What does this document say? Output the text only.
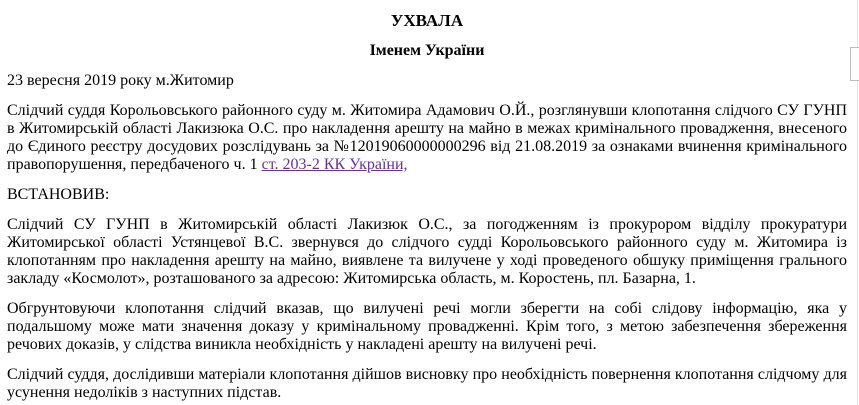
УХВАЛА

Іменем України

23 вересня 2019 року м.Житомир

Слідчий суддя Корольовського районного суду м. Житомира Адамович О.Й., розглянувши клопотання слідчого СУ ГУНП в Житомирській області Лакизюка О.С. про накладення арешту на майно в межах кримінального провадження, внесеного до Єдиного реєстру досудових розслідувань за №12019060000000296 від 21.08.2019 за ознаками вчинення кримінального правопорушення, передбаченого ч. 1 ст. 203-2 КК України,

ВСТАНОВИВ:

Слідчий СУ ГУНП в Житомирській області Лакизюк О.С., за погодженням із прокурором відділу прокуратури Житомирської області Устянцевої В.С. звернувся до слідчого судді Корольовського районного суду м. Житомира із клопотанням про накладення арешту на майно, виявлене та вилучене у ході проведеного обшуку приміщення грального закладу «Космолот», розташованого за адресою: Житомирська область, м. Коростень, пл. Базарна, 1.

Обгрунтовуючи клопотання слідчий вказав, що вилучені речі могли зберегти на собі слідову інформацію, яка у подальшому може мати значення доказу у кримінальному провадженні. Крім того, з метою забезпечення збереження речових доказів, у слідства виникла необхідність у накладені арешту на вилучені речі.

Слідчий суддя, дослідивши матеріали клопотання дійшов висновку про необхідність повернення клопотання слідчому для усунення недоліків з наступних підстав.
